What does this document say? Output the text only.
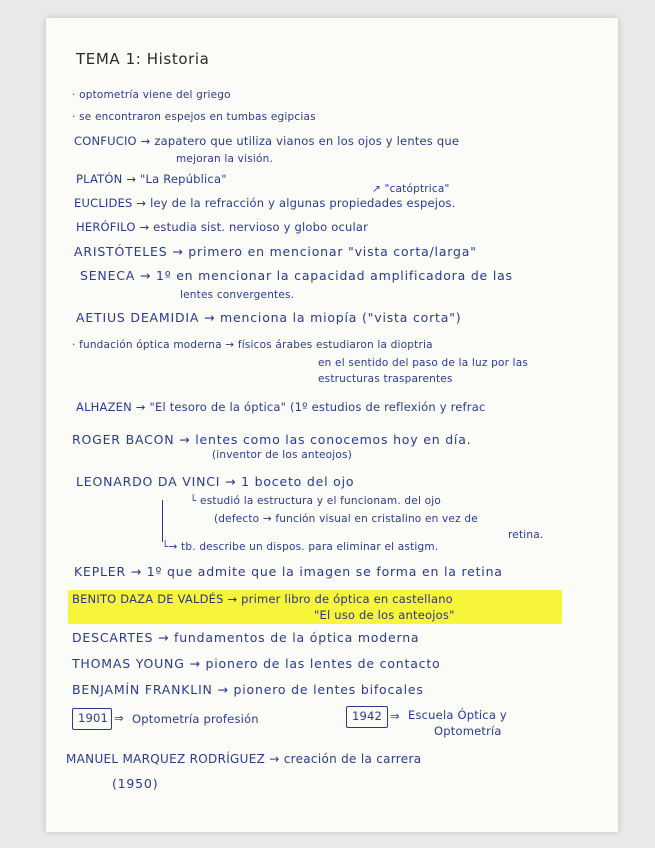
TEMA 1: Historia
· optometría viene del griego
· se encontraron espejos en tumbas egipcias
CONFUCIO → zapatero que utiliza vianos en los ojos y lentes que
mejoran la visión.
PLATÓN → "La República"
↗ "catóptrica"
EUCLIDES → ley de la refracción y algunas propiedades espejos.
HERÓFILO → estudia sist. nervioso y globo ocular
ARISTÓTELES → primero en mencionar "vista corta/larga"
SENECA → 1º en mencionar la capacidad amplificadora de las
lentes convergentes.
AETIUS DEAMIDIA → menciona la miopía ("vista corta")
· fundación óptica moderna → físicos árabes estudiaron la dioptria
en el sentido del paso de la luz por las
estructuras trasparentes
ALHAZEN → "El tesoro de la óptica" (1º estudios de reflexión y refrac
ROGER BACON → lentes como las conocemos hoy en día.
(inventor de los anteojos)
LEONARDO DA VINCI → 1 boceto del ojo
└ estudió la estructura y el funcionam. del ojo
(defecto → función visual en cristalino en vez de
retina.
└→ tb. describe un dispos. para eliminar el astigm.
KEPLER → 1º que admite que la imagen se forma en la retina
BENITO DAZA DE VALDÉS → primer libro de óptica en castellano
"El uso de los anteojos"
DESCARTES → fundamentos de la óptica moderna
THOMAS YOUNG → pionero de las lentes de contacto
BENJAMÍN FRANKLIN → pionero de lentes bifocales
1901 ⇒ Optometría profesión	1942 ⇒ Escuela Óptica y
Optometría
MANUEL MARQUEZ RODRÍGUEZ → creación de la carrera
(1950)
